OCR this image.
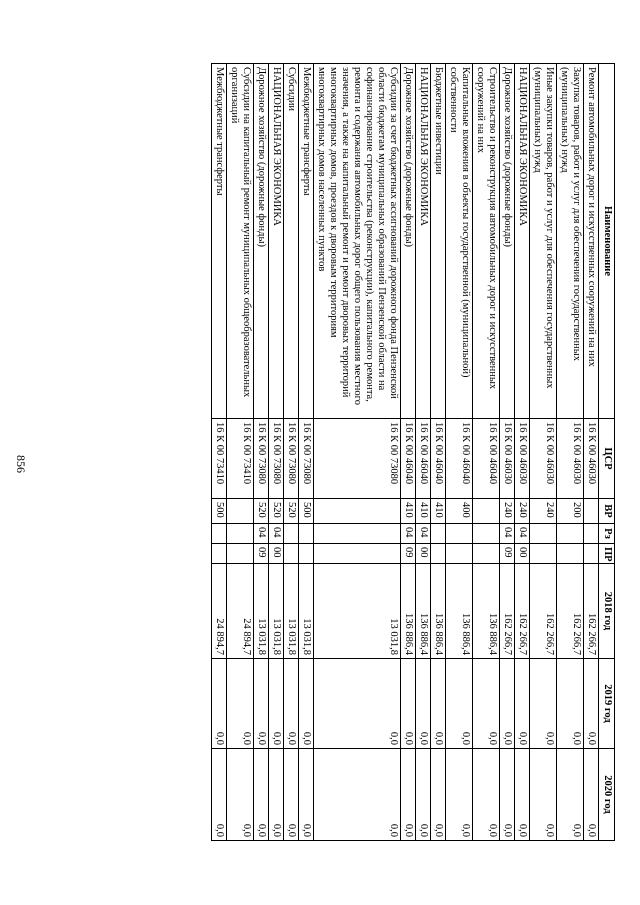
856
Наименование	ЦСР	ВР	Рз	ПР	2018 год	2019 год	2020 год
Ремонт автомобильных дорог и искусственных сооружений на них	16 К 00 46030				162 266,7	0,0	0,0
Закупка товаров, работ и услуг для обеспечения государственных (муниципальных) нужд	16 К 00 46030	200			162 266,7	0,0	0,0
Иные закупки товаров, работ и услуг для обеспечения государственных (муниципальных) нужд	16 К 00 46030	240			162 266,7	0,0	0,0
НАЦИОНАЛЬНАЯ ЭКОНОМИКА	16 К 00 46030	240	04	00	162 266,7	0,0	0,0
Дорожное хозяйство (дорожные фонды)	16 К 00 46030	240	04	09	162 266,7	0,0	0,0
Строительство и реконструкция автомобильных дорог и искусственных сооружений на них	16 К 00 46040				136 886,4	0,0	0,0
Капитальные вложения в объекты государственной (муниципальной) собственности	16 К 00 46040	400			136 886,4	0,0	0,0
Бюджетные инвестиции	16 К 00 46040	410			136 886,4	0,0	0,0
НАЦИОНАЛЬНАЯ ЭКОНОМИКА	16 К 00 46040	410	04	00	136 886,4	0,0	0,0
Дорожное хозяйство (дорожные фонды)	16 К 00 46040	410	04	09	136 886,4	0,0	0,0
Субсидии за счет бюджетных ассигнований дорожного фонда Пензенской области бюджетам муниципальных образований Пензенской области на софинансирование строительства (реконструкции), капитального ремонта, ремонта и содержания автомобильных дорог общего пользования местного значения, а также на капитальный ремонт и ремонт дворовых территорий многоквартирных домов, проездов к дворовым территориям многоквартирных домов населенных пунктов	16 К 00 73080				13 031,8	0,0	0,0
Межбюджетные трансферты	16 К 00 73080	500			13 031,8	0,0	0,0
Субсидии	16 К 00 73080	520			13 031,8	0,0	0,0
НАЦИОНАЛЬНАЯ ЭКОНОМИКА	16 К 00 73080	520	04	00	13 031,8	0,0	0,0
Дорожное хозяйство (дорожные фонды)	16 К 00 73080	520	04	09	13 031,8	0,0	0,0
Субсидии на капитальный ремонт муниципальных общеобразовательных организаций	16 К 00 73410				24 894,7	0,0	0,0
Межбюджетные трансферты	16 К 00 73410	500			24 894,7	0,0	0,0
